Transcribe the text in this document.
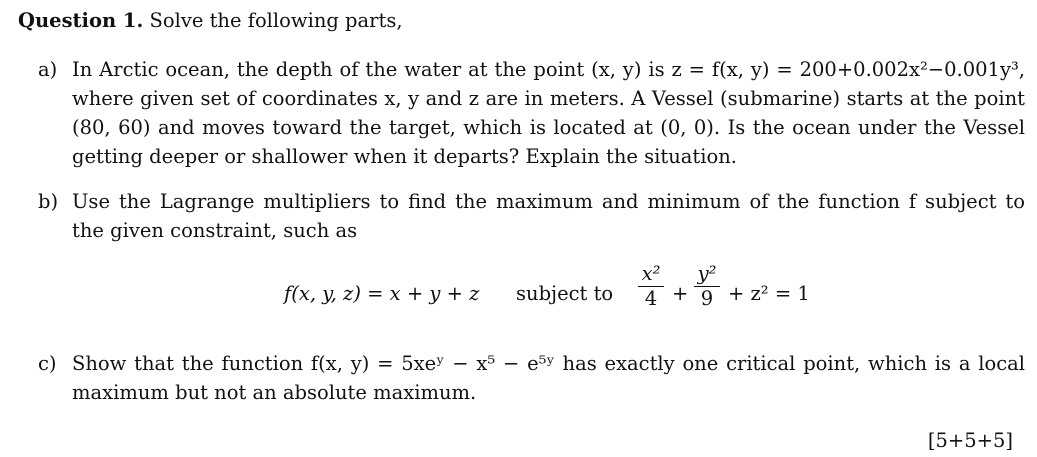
Question 1. Solve the following parts,
a) In Arctic ocean, the depth of the water at the point (x, y) is z = f(x, y) = 200+0.002x²−0.001y³,
where given set of coordinates x, y and z are in meters. A Vessel (submarine) starts at the point
(80, 60) and moves toward the target, which is located at (0, 0). Is the ocean under the Vessel
getting deeper or shallower when it departs? Explain the situation.
b) Use the Lagrange multipliers to find the maximum and minimum of the function f subject to
the given constraint, such as
f(x, y, z) = x + y + z subject to
x²
4 +
y²
9 + z² = 1
c) Show that the function f(x, y) = 5xeʸ − x⁵ − e⁵ʸ has exactly one critical point, which is a local
maximum but not an absolute maximum.
[5+5+5]
